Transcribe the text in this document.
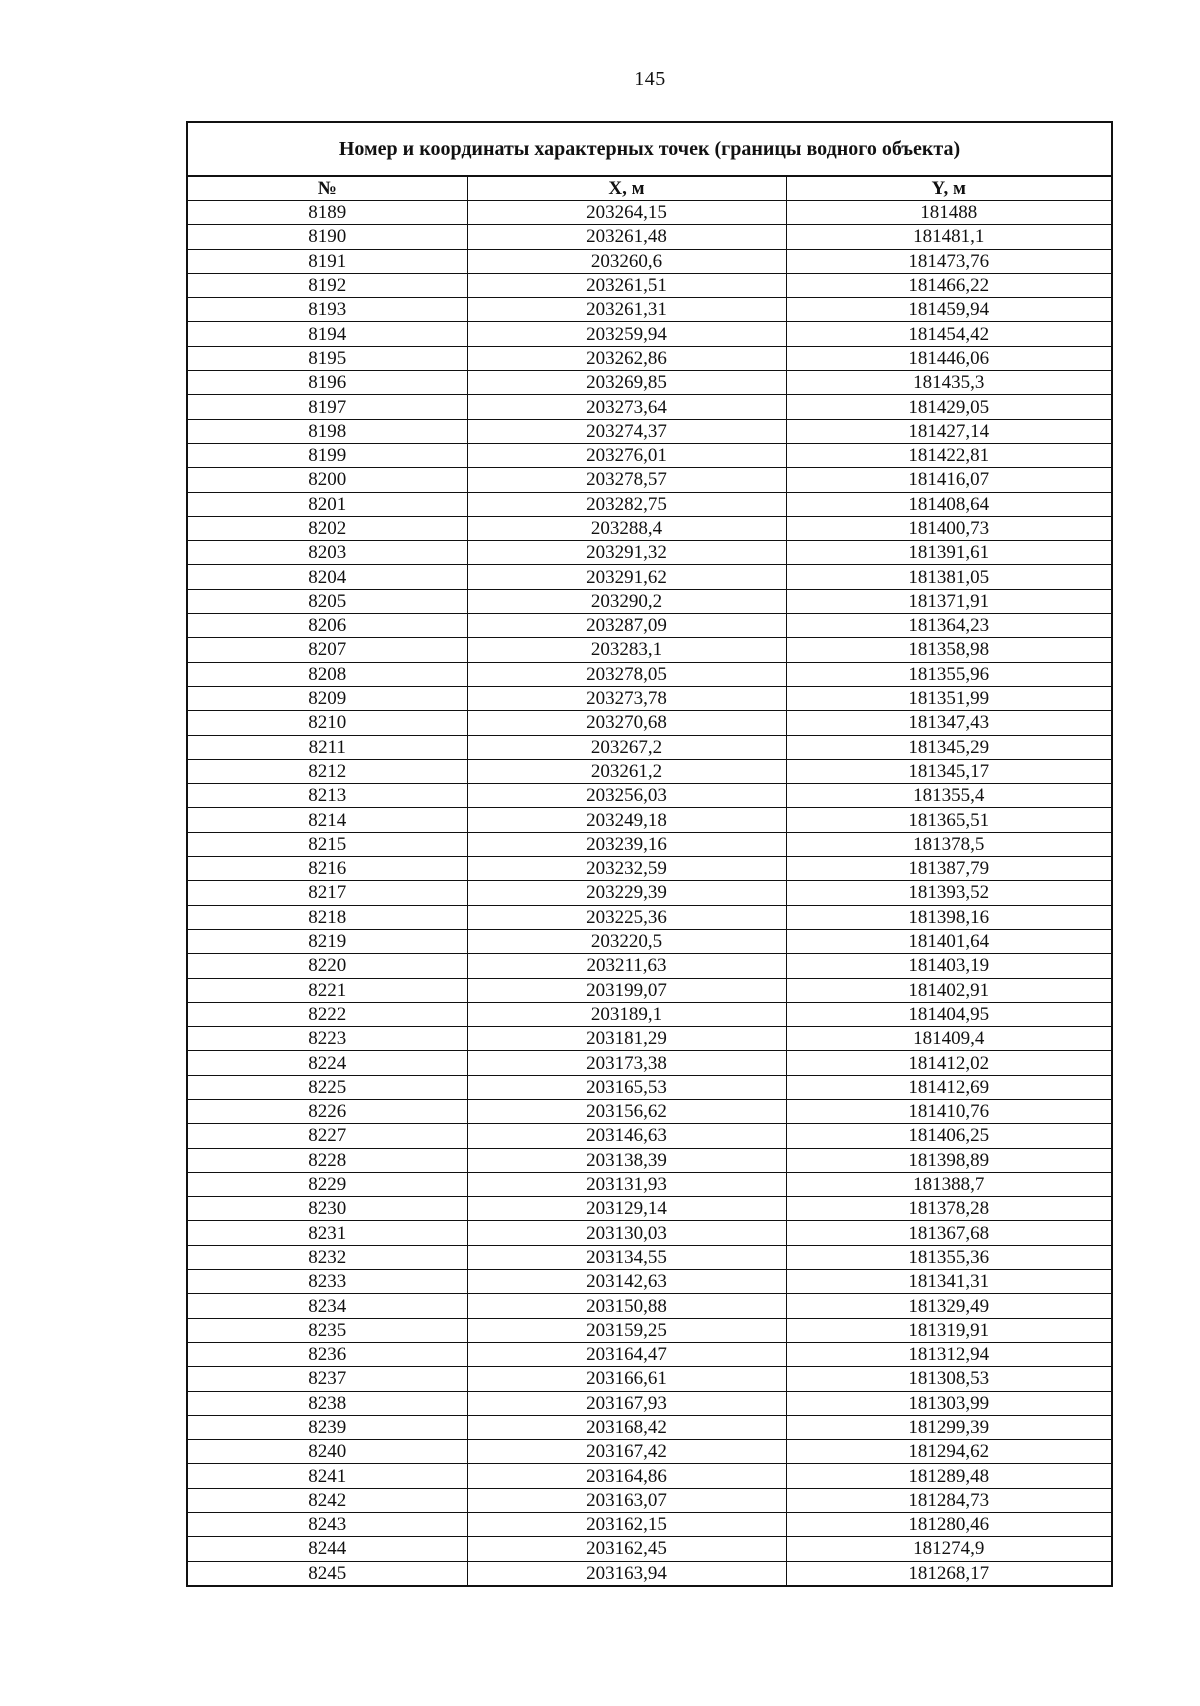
145
Номер и координаты характерных точек (границы водного объекта)
№	X, м	Y, м
8189	203264,15	181488
8190	203261,48	181481,1
8191	203260,6	181473,76
8192	203261,51	181466,22
8193	203261,31	181459,94
8194	203259,94	181454,42
8195	203262,86	181446,06
8196	203269,85	181435,3
8197	203273,64	181429,05
8198	203274,37	181427,14
8199	203276,01	181422,81
8200	203278,57	181416,07
8201	203282,75	181408,64
8202	203288,4	181400,73
8203	203291,32	181391,61
8204	203291,62	181381,05
8205	203290,2	181371,91
8206	203287,09	181364,23
8207	203283,1	181358,98
8208	203278,05	181355,96
8209	203273,78	181351,99
8210	203270,68	181347,43
8211	203267,2	181345,29
8212	203261,2	181345,17
8213	203256,03	181355,4
8214	203249,18	181365,51
8215	203239,16	181378,5
8216	203232,59	181387,79
8217	203229,39	181393,52
8218	203225,36	181398,16
8219	203220,5	181401,64
8220	203211,63	181403,19
8221	203199,07	181402,91
8222	203189,1	181404,95
8223	203181,29	181409,4
8224	203173,38	181412,02
8225	203165,53	181412,69
8226	203156,62	181410,76
8227	203146,63	181406,25
8228	203138,39	181398,89
8229	203131,93	181388,7
8230	203129,14	181378,28
8231	203130,03	181367,68
8232	203134,55	181355,36
8233	203142,63	181341,31
8234	203150,88	181329,49
8235	203159,25	181319,91
8236	203164,47	181312,94
8237	203166,61	181308,53
8238	203167,93	181303,99
8239	203168,42	181299,39
8240	203167,42	181294,62
8241	203164,86	181289,48
8242	203163,07	181284,73
8243	203162,15	181280,46
8244	203162,45	181274,9
8245	203163,94	181268,17
